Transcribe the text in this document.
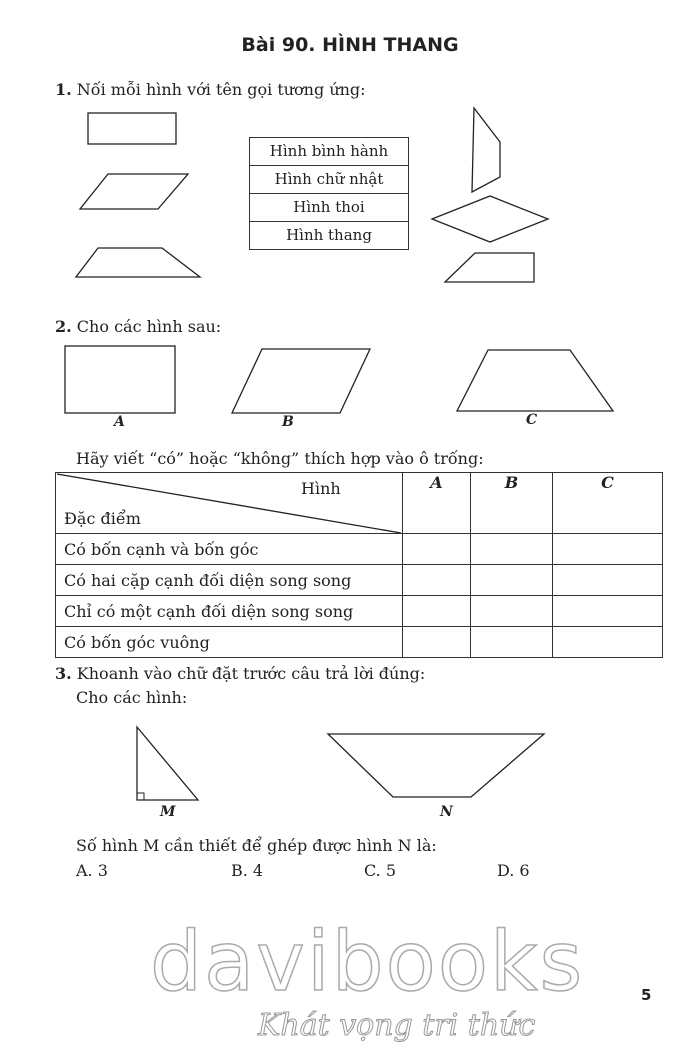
Bài 90. HÌNH THANG
1. Nối mỗi hình với tên gọi tương ứng:
Hình bình hành
Hình chữ nhật
Hình thoi
Hình thang
2. Cho các hình sau:
A	B	C
Hãy viết “có” hoặc “không” thích hợp vào ô trống:
Hình
Đặc điểm	A	B	C
Có bốn cạnh và bốn góc			
Có hai cặp cạnh đối diện song song			
Chỉ có một cạnh đối diện song song			
Có bốn góc vuông			
3. Khoanh vào chữ đặt trước câu trả lời đúng:
Cho các hình:
M	N
Số hình M cần thiết để ghép được hình N là:
A. 3	B. 4	C. 5	D. 6
davibooks
Khát vọng tri thức
5
